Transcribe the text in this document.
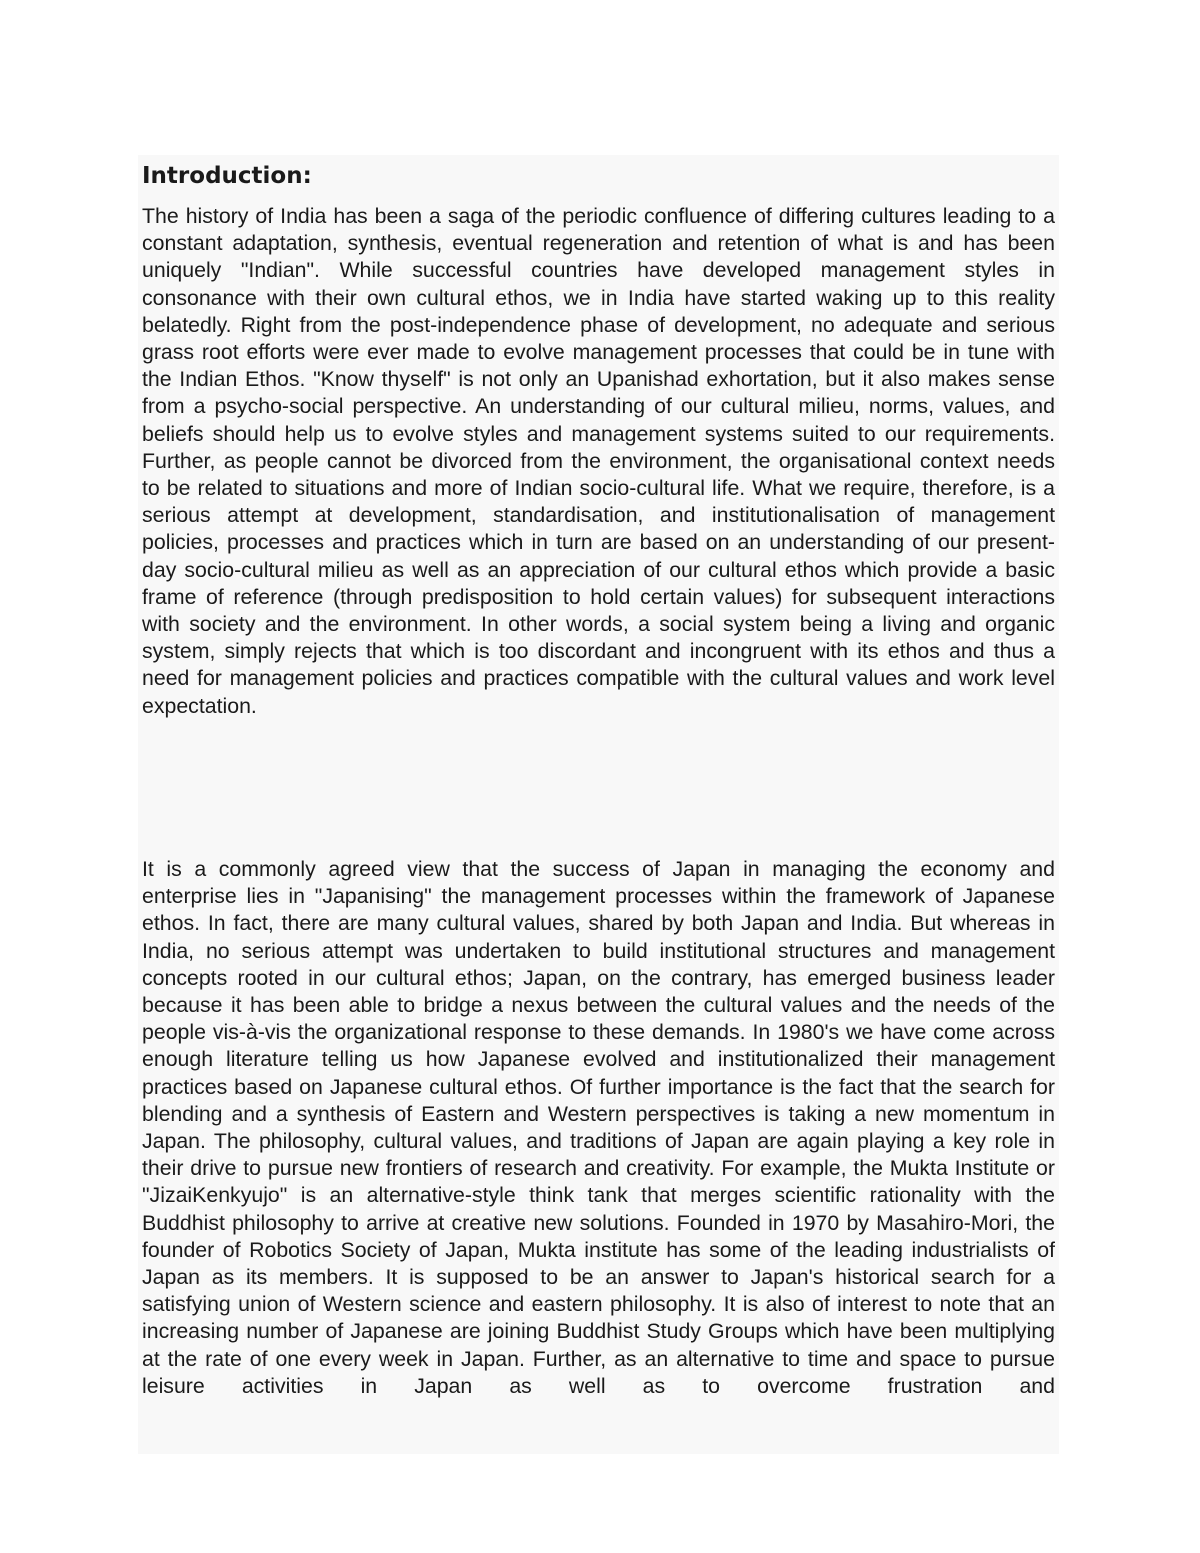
Introduction:

The history of India has been a saga of the periodic confluence of differing cultures leading to a constant adaptation, synthesis, eventual regeneration and retention of what is and has been uniquely "Indian". While successful countries have developed management styles in consonance with their own cultural ethos, we in India have started waking up to this reality belatedly. Right from the post-independence phase of development, no adequate and serious grass root efforts were ever made to evolve management processes that could be in tune with the Indian Ethos. "Know thyself" is not only an Upanishad exhortation, but it also makes sense from a psycho-social perspective. An understanding of our cultural milieu, norms, values, and beliefs should help us to evolve styles and management systems suited to our requirements. Further, as people cannot be divorced from the environment, the organisational context needs to be related to situations and more of Indian socio-cultural life. What we require, therefore, is a serious attempt at development, standardisation, and institutionalisation of management policies, processes and practices which in turn are based on an understanding of our present-day socio-cultural milieu as well as an appreciation of our cultural ethos which provide a basic frame of reference (through predisposition to hold certain values) for subsequent interactions with society and the environment. In other words, a social system being a living and organic system, simply rejects that which is too discordant and incongruent with its ethos and thus a need for management policies and practices compatible with the cultural values and work level expectation.

It is a commonly agreed view that the success of Japan in managing the economy and enterprise lies in "Japanising" the management processes within the framework of Japanese ethos. In fact, there are many cultural values, shared by both Japan and India. But whereas in India, no serious attempt was undertaken to build institutional structures and management concepts rooted in our cultural ethos; Japan, on the contrary, has emerged business leader because it has been able to bridge a nexus between the cultural values and the needs of the people vis-à-vis the organizational response to these demands. In 1980's we have come across enough literature telling us how Japanese evolved and institutionalized their management practices based on Japanese cultural ethos. Of further importance is the fact that the search for blending and a synthesis of Eastern and Western perspectives is taking a new momentum in Japan. The philosophy, cultural values, and traditions of Japan are again playing a key role in their drive to pursue new frontiers of research and creativity. For example, the Mukta Institute or "JizaiKenkyujo" is an alternative-style think tank that merges scientific rationality with the Buddhist philosophy to arrive at creative new solutions. Founded in 1970 by Masahiro-Mori, the founder of Robotics Society of Japan, Mukta institute has some of the leading industrialists of Japan as its members. It is supposed to be an answer to Japan's historical search for a satisfying union of Western science and eastern philosophy. It is also of interest to note that an increasing number of Japanese are joining Buddhist Study Groups which have been multiplying at the rate of one every week in Japan. Further, as an alternative to time and space to pursue leisure activities in Japan as well as to overcome frustration and
